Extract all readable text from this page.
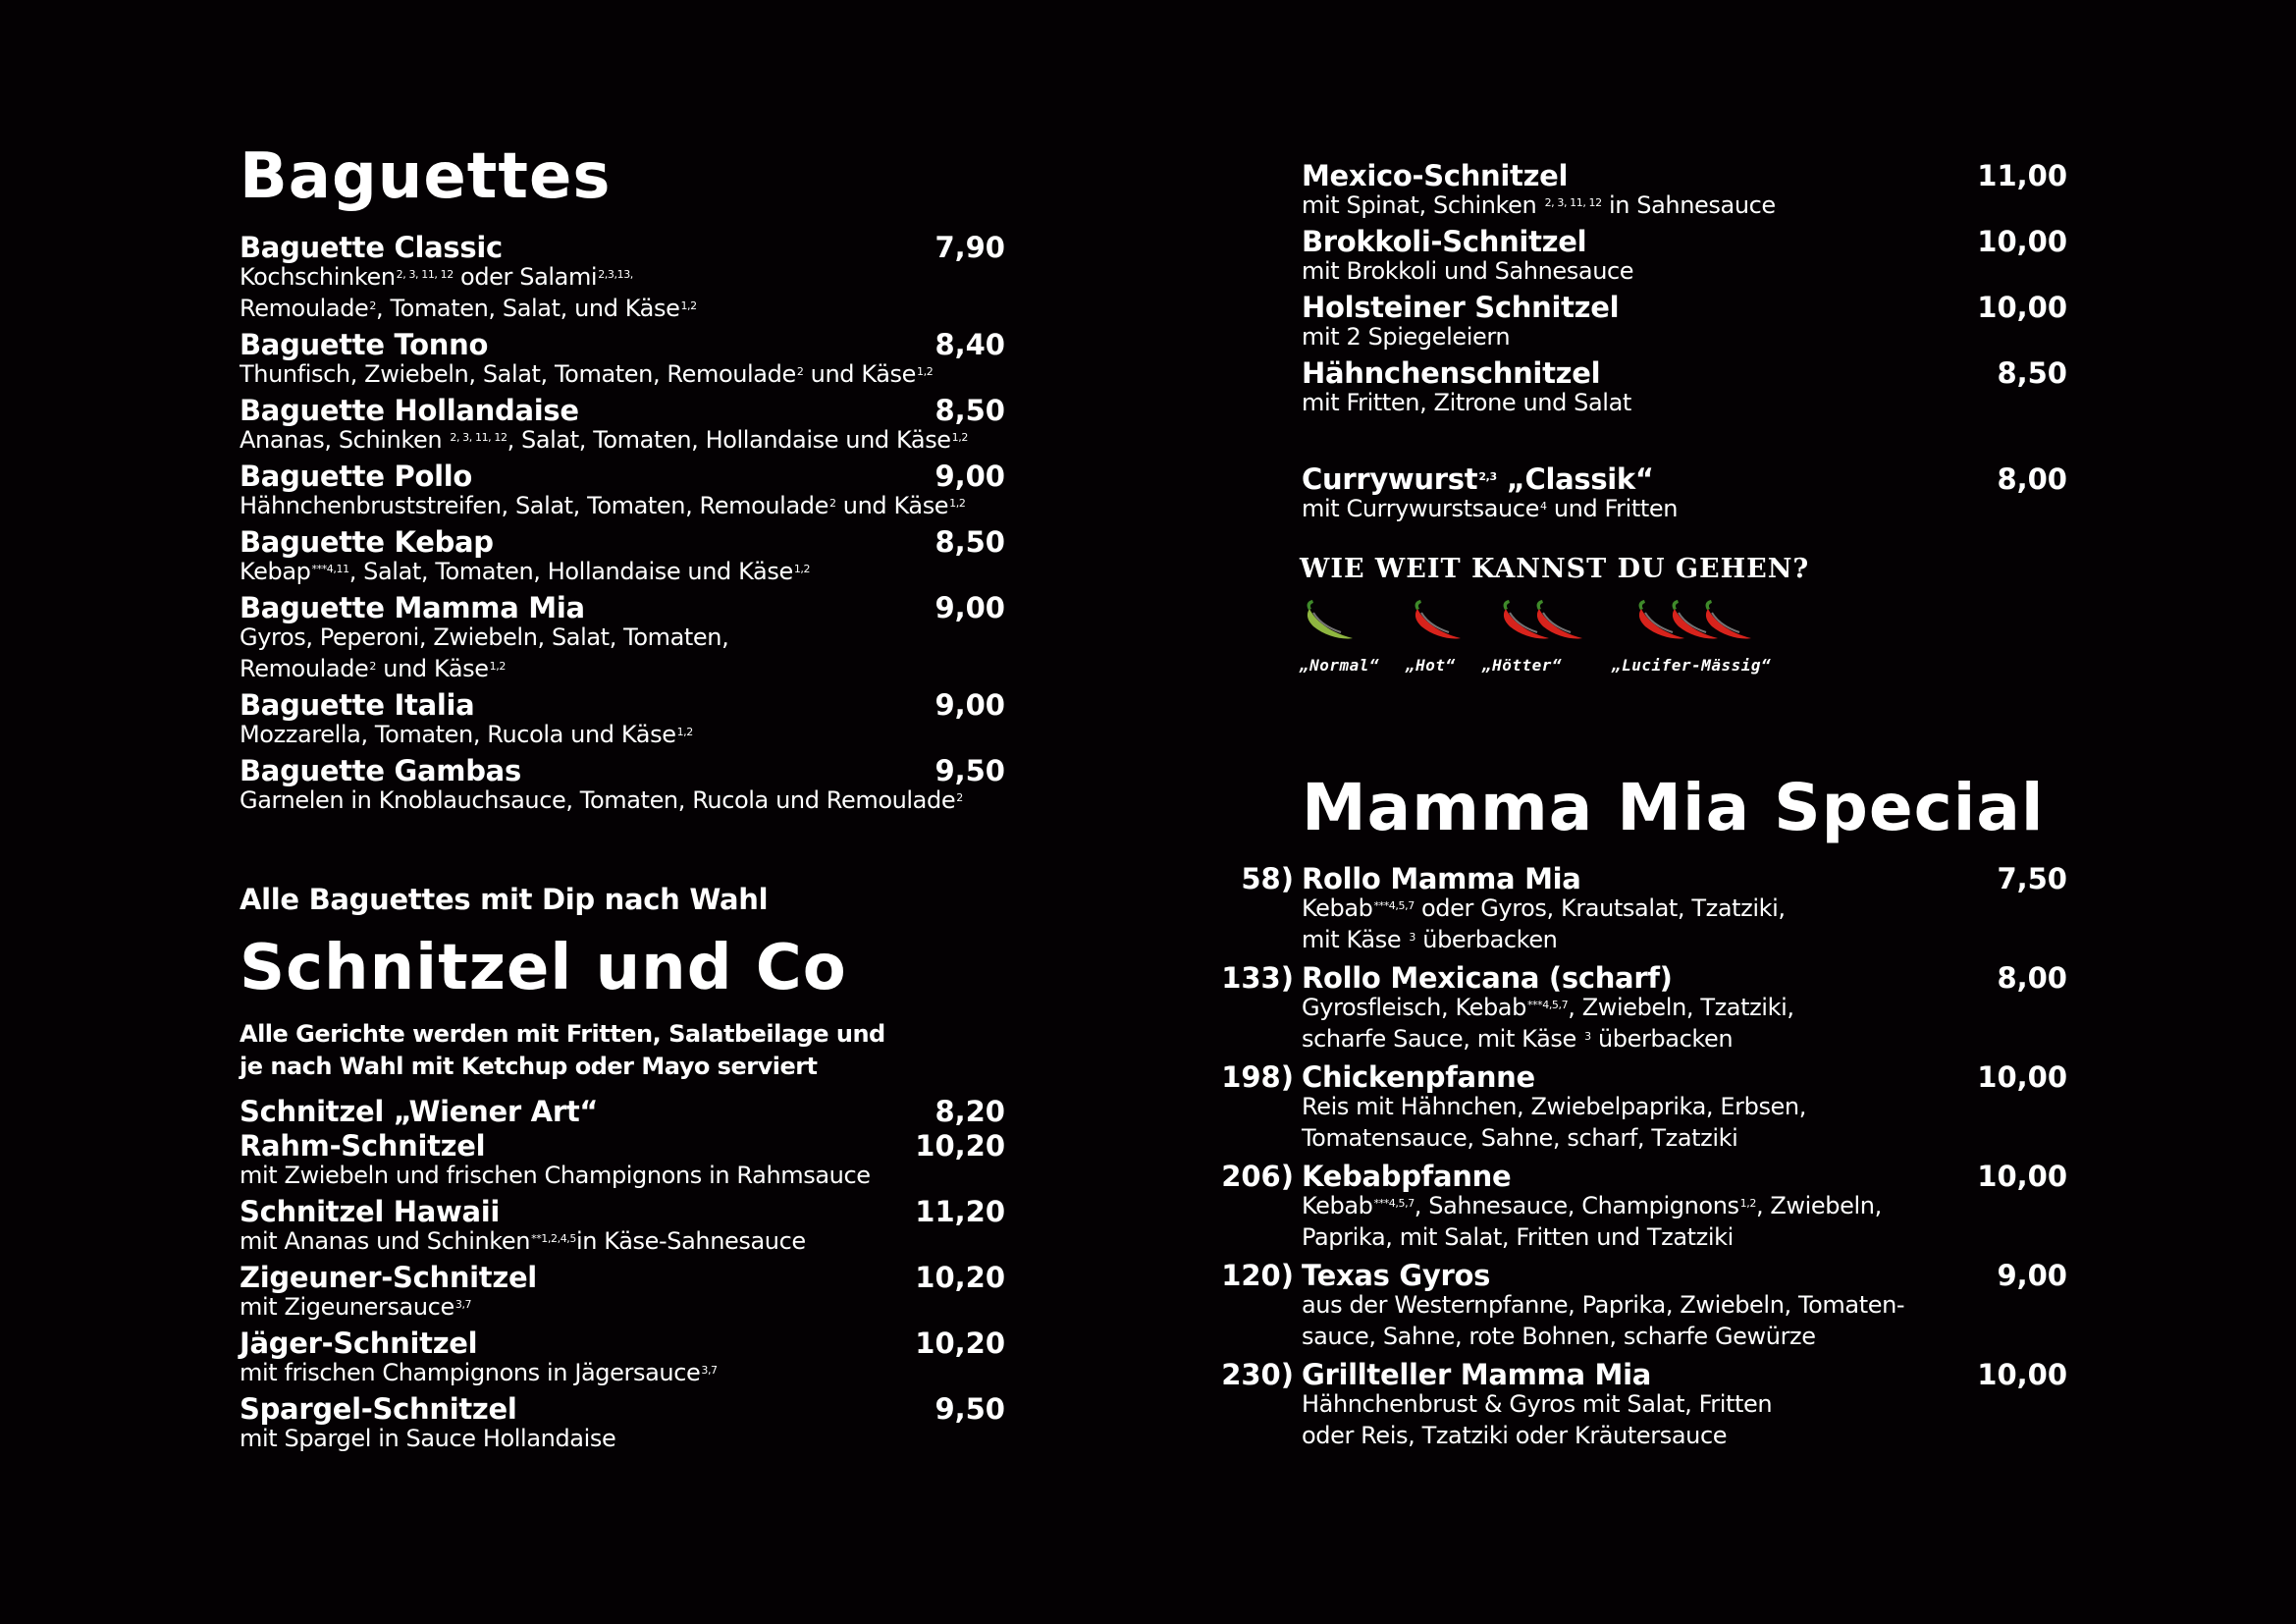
Baguettes
Baguette Classic	7,90
Kochschinken$^{2, 3, 11, 12}$ oder Salami$^{2,3,13,}$
Remoulade$^2$, Tomaten, Salat, und Käse$^{1,2}$
Baguette Tonno	8,40
Thunfisch, Zwiebeln, Salat, Tomaten, Remoulade$^2$ und Käse$^{1,2}$
Baguette Hollandaise	8,50
Ananas, Schinken $^{2, 3, 11, 12}$, Salat, Tomaten, Hollandaise und Käse$^{1,2}$
Baguette Pollo	9,00
Hähnchenbruststreifen, Salat, Tomaten, Remoulade$^2$ und Käse$^{1,2}$
Baguette Kebap	8,50
Kebap$^{***4,11}$, Salat, Tomaten, Hollandaise und Käse$^{1,2}$
Baguette Mamma Mia	9,00
Gyros, Peperoni, Zwiebeln, Salat, Tomaten,
Remoulade$^2$ und Käse$^{1,2}$
Baguette Italia	9,00
Mozzarella, Tomaten, Rucola und Käse$^{1,2}$
Baguette Gambas	9,50
Garnelen in Knoblauchsauce, Tomaten, Rucola und Remoulade$^2$
Alle Baguettes mit Dip nach Wahl
Schnitzel und Co
Alle Gerichte werden mit Fritten, Salatbeilage und
je nach Wahl mit Ketchup oder Mayo serviert
Schnitzel „Wiener Art“	8,20
Rahm-Schnitzel	10,20
mit Zwiebeln und frischen Champignons in Rahmsauce
Schnitzel Hawaii	11,20
mit Ananas und Schinken$^{**1,2,4,5}$in Käse-Sahnesauce
Zigeuner-Schnitzel	10,20
mit Zigeunersauce$^{3,7}$
Jäger-Schnitzel	10,20
mit frischen Champignons in Jägersauce$^{3,7}$
Spargel-Schnitzel	9,50
mit Spargel in Sauce Hollandaise
Mexico-Schnitzel	11,00
mit Spinat, Schinken $^{2, 3, 11, 12}$ in Sahnesauce
Brokkoli-Schnitzel	10,00
mit Brokkoli und Sahnesauce
Holsteiner Schnitzel	10,00
mit 2 Spiegeleiern
Hähnchenschnitzel	8,50
mit Fritten, Zitrone und Salat
Currywurst$^{2,3}$ „Classik“	8,00
mit Currywurstsauce$^4$ und Fritten
WIE WEIT KANNST DU GEHEN?
„Normal“ „Hot“ „Hötter“	„Lucifer-Mässig“
Mamma Mia Special
58) Rollo Mamma Mia	7,50
Kebab$^{***4,5,7}$ oder Gyros, Krautsalat, Tzatziki,
mit Käse $^3$ überbacken
133) Rollo Mexicana (scharf)	8,00
Gyrosfleisch, Kebab$^{***4,5,7}$, Zwiebeln, Tzatziki,
scharfe Sauce, mit Käse $^3$ überbacken
198) Chickenpfanne	10,00
Reis mit Hähnchen, Zwiebelpaprika, Erbsen,
Tomatensauce, Sahne, scharf, Tzatziki
206) Kebabpfanne	10,00
Kebab$^{***4,5,7}$, Sahnesauce, Champignons$^{1,2}$, Zwiebeln,
Paprika, mit Salat, Fritten und Tzatziki
120) Texas Gyros	9,00
aus der Westernpfanne, Paprika, Zwiebeln, Tomaten-
sauce, Sahne, rote Bohnen, scharfe Gewürze
230) Grillteller Mamma Mia	10,00
Hähnchenbrust & Gyros mit Salat, Fritten
oder Reis, Tzatziki oder Kräutersauce
